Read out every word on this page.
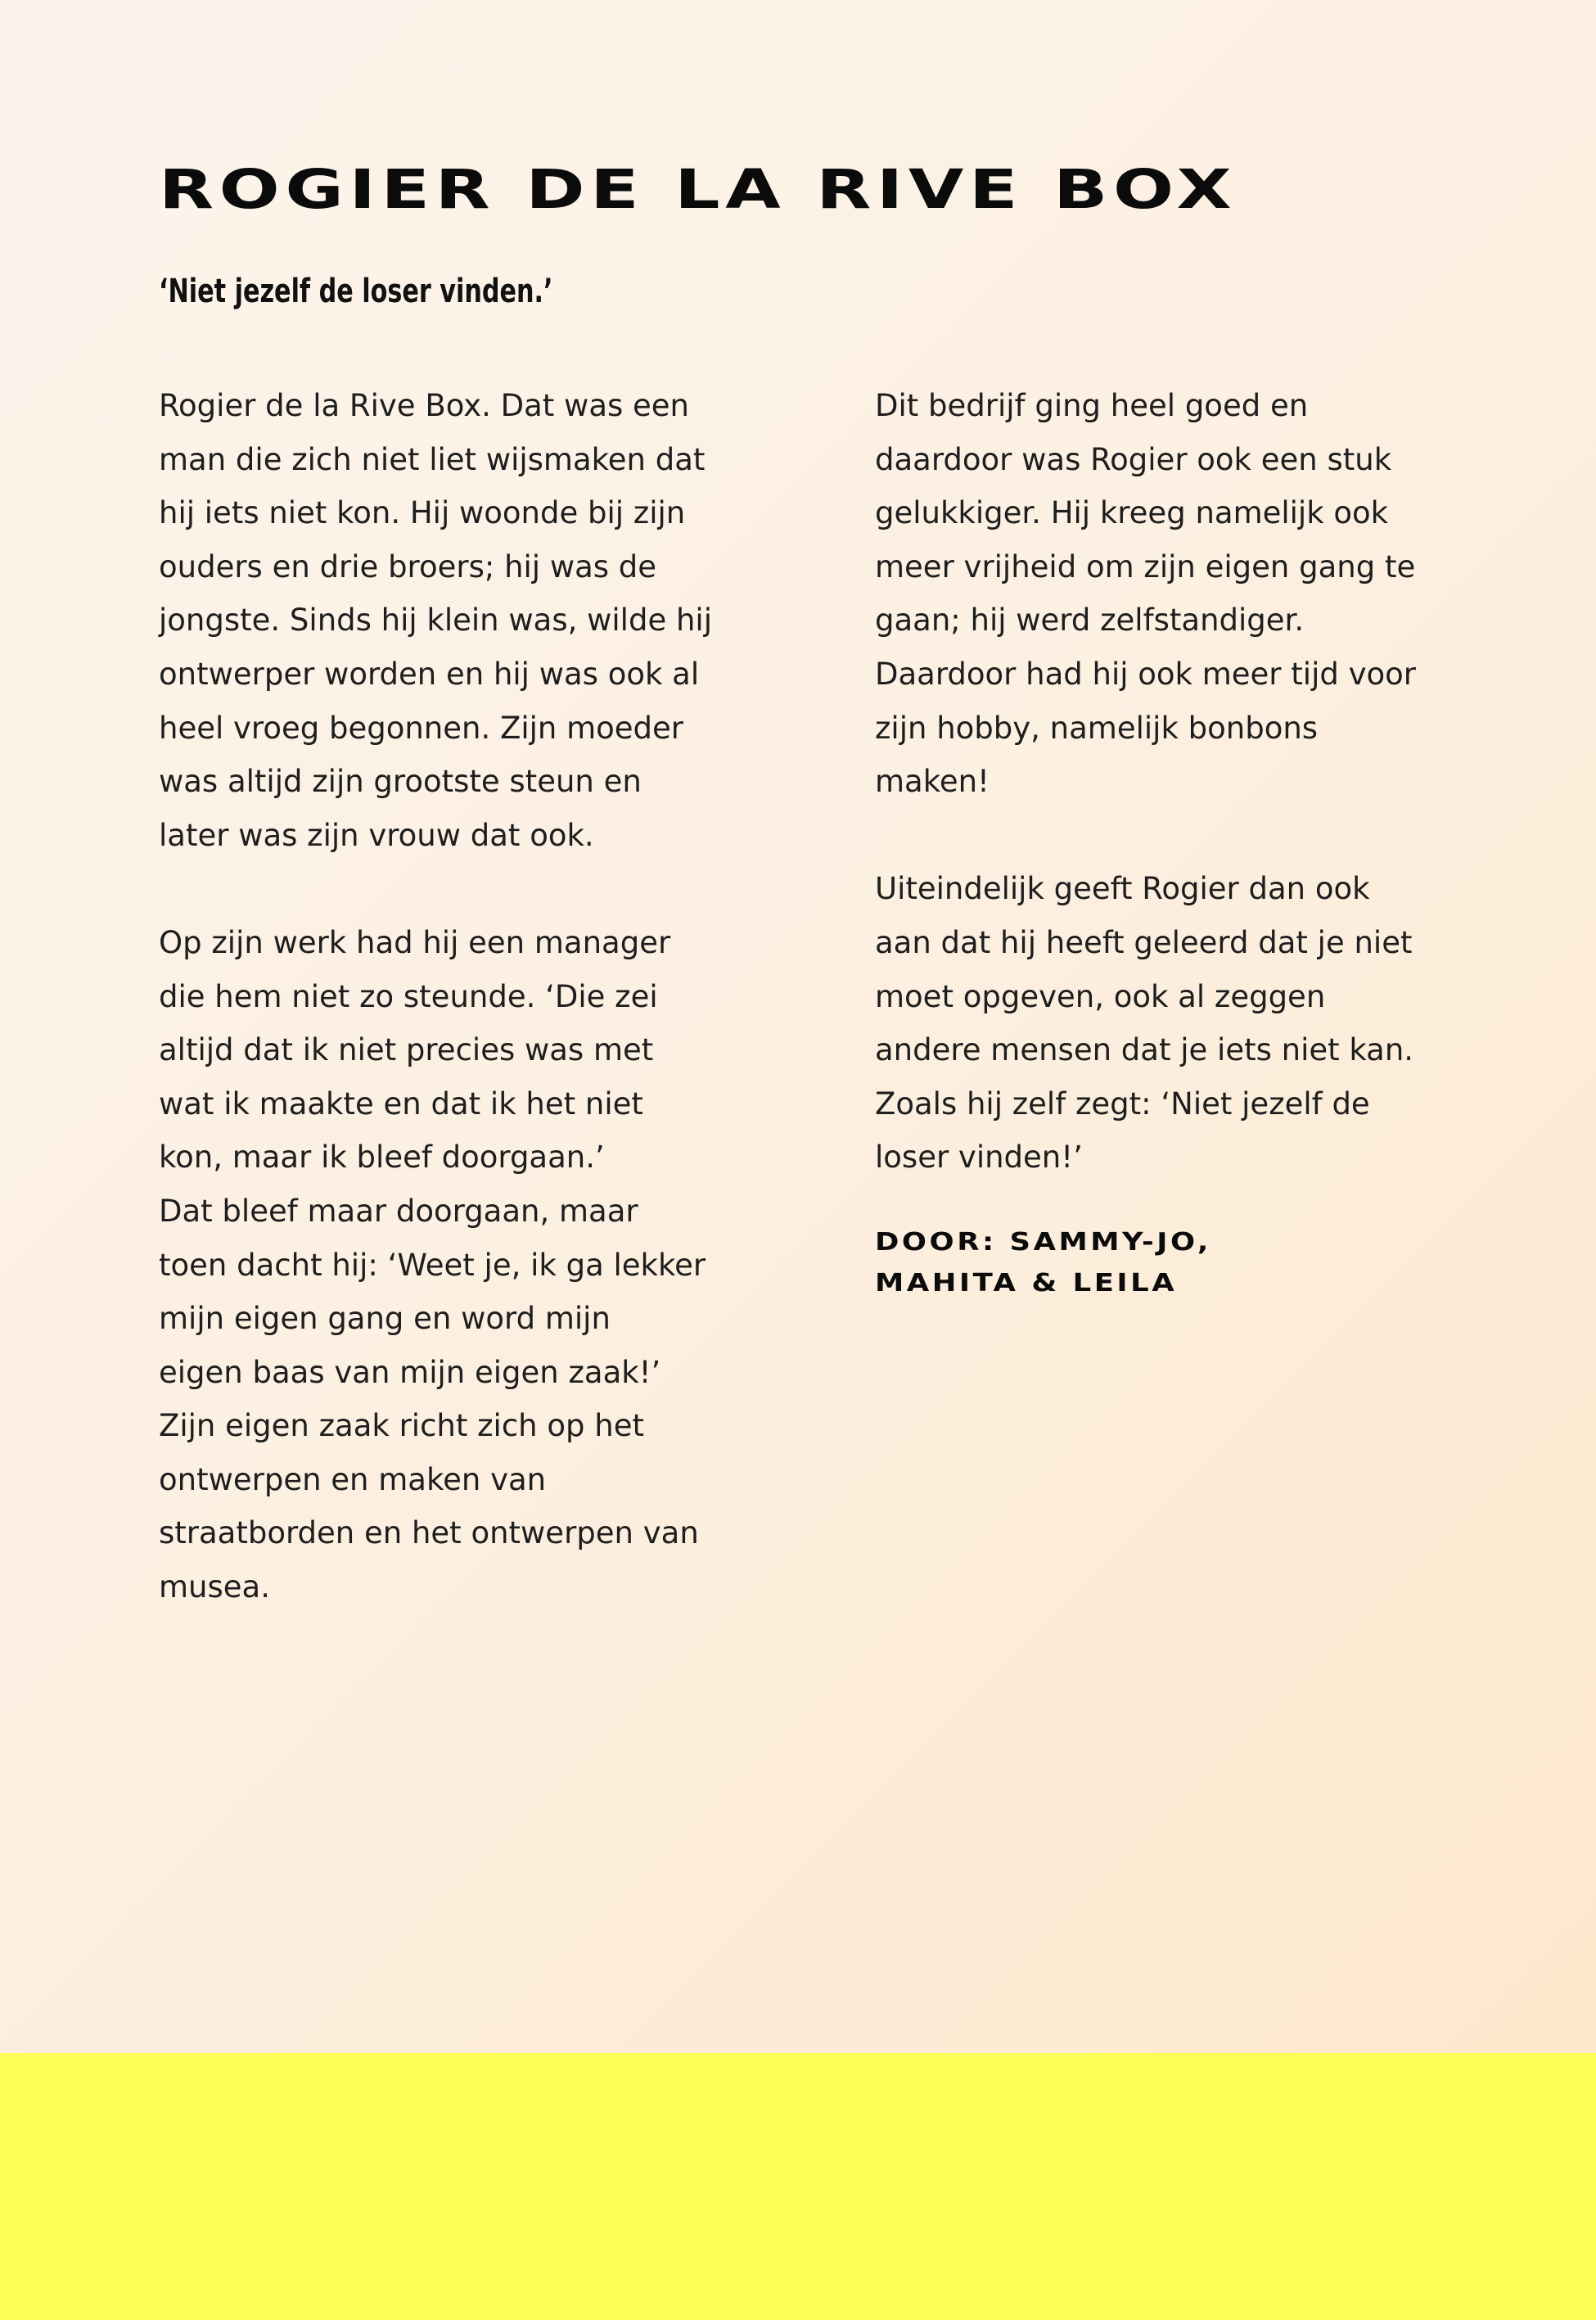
ROGIER DE LA RIVE BOX
‘Niet jezelf de loser vinden.’

Rogier de la Rive Box. Dat was een
man die zich niet liet wijsmaken dat
hij iets niet kon. Hij woonde bij zijn
ouders en drie broers; hij was de
jongste. Sinds hij klein was, wilde hij
ontwerper worden en hij was ook al
heel vroeg begonnen. Zijn moeder
was altijd zijn grootste steun en
later was zijn vrouw dat ook.

Op zijn werk had hij een manager
die hem niet zo steunde. ‘Die zei
altijd dat ik niet precies was met
wat ik maakte en dat ik het niet
kon, maar ik bleef doorgaan.’
Dat bleef maar doorgaan, maar
toen dacht hij: ‘Weet je, ik ga lekker
mijn eigen gang en word mijn
eigen baas van mijn eigen zaak!’
Zijn eigen zaak richt zich op het
ontwerpen en maken van
straatborden en het ontwerpen van
musea.

Dit bedrijf ging heel goed en
daardoor was Rogier ook een stuk
gelukkiger. Hij kreeg namelijk ook
meer vrijheid om zijn eigen gang te
gaan; hij werd zelfstandiger.
Daardoor had hij ook meer tijd voor
zijn hobby, namelijk bonbons
maken!

Uiteindelijk geeft Rogier dan ook
aan dat hij heeft geleerd dat je niet
moet opgeven, ook al zeggen
andere mensen dat je iets niet kan.
Zoals hij zelf zegt: ‘Niet jezelf de
loser vinden!’

DOOR: SAMMY-JO,
MAHITA & LEILA
